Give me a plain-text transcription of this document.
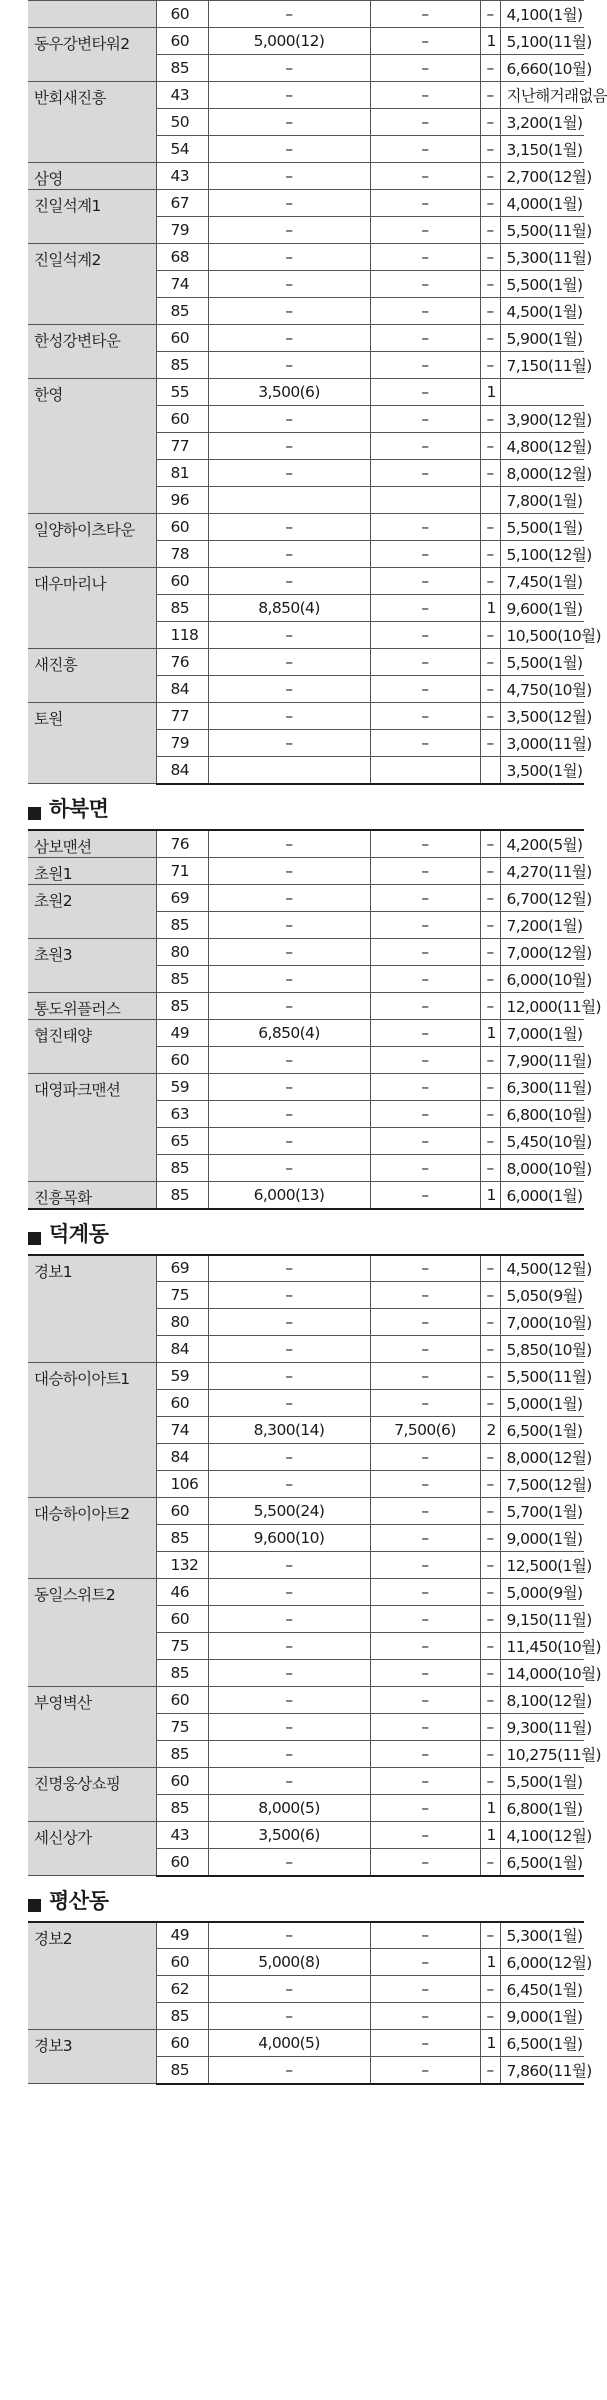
	60	–	–	–	4,100(1월)
동우강변타워2	60	5,000(12)	–	1	5,100(11월)
	85	–	–	–	6,660(10월)
반회새진흥	43	–	–	–	지난해거래없음
	50	–	–	–	3,200(1월)
	54	–	–	–	3,150(1월)
삼영	43	–	–	–	2,700(12월)
진일석계1	67	–	–	–	4,000(1월)
	79	–	–	–	5,500(11월)
진일석계2	68	–	–	–	5,300(11월)
	74	–	–	–	5,500(1월)
	85	–	–	–	4,500(1월)
한성강변타운	60	–	–	–	5,900(1월)
	85	–	–	–	7,150(11월)
한영	55	3,500(6)	–	1	
	60	–	–	–	3,900(12월)
	77	–	–	–	4,800(12월)
	81	–	–	–	8,000(12월)
	96				7,800(1월)
일양하이츠타운	60	–	–	–	5,500(1월)
	78	–	–	–	5,100(12월)
대우마리나	60	–	–	–	7,450(1월)
	85	8,850(4)	–	1	9,600(1월)
	118	–	–	–	10,500(10월)
새진흥	76	–	–	–	5,500(1월)
	84	–	–	–	4,750(10월)
토원	77	–	–	–	3,500(12월)
	79	–	–	–	3,000(11월)
	84				3,500(1월)
하북면
삼보맨션	76	–	–	–	4,200(5월)
초원1	71	–	–	–	4,270(11월)
초원2	69	–	–	–	6,700(12월)
	85	–	–	–	7,200(1월)
초원3	80	–	–	–	7,000(12월)
	85	–	–	–	6,000(10월)
통도위플러스	85	–	–	–	12,000(11월)
협진태양	49	6,850(4)	–	1	7,000(1월)
	60	–	–	–	7,900(11월)
대영파크맨션	59	–	–	–	6,300(11월)
	63	–	–	–	6,800(10월)
	65	–	–	–	5,450(10월)
	85	–	–	–	8,000(10월)
진흥목화	85	6,000(13)	–	1	6,000(1월)
덕계동
경보1	69	–	–	–	4,500(12월)
	75	–	–	–	5,050(9월)
	80	–	–	–	7,000(10월)
	84	–	–	–	5,850(10월)
대승하이아트1	59	–	–	–	5,500(11월)
	60	–	–	–	5,000(1월)
	74	8,300(14)	7,500(6)	2	6,500(1월)
	84	–	–	–	8,000(12월)
	106	–	–	–	7,500(12월)
대승하이아트2	60	5,500(24)	–	–	5,700(1월)
	85	9,600(10)	–	–	9,000(1월)
	132	–	–	–	12,500(1월)
동일스위트2	46	–	–	–	5,000(9월)
	60	–	–	–	9,150(11월)
	75	–	–	–	11,450(10월)
	85	–	–	–	14,000(10월)
부영벽산	60	–	–	–	8,100(12월)
	75	–	–	–	9,300(11월)
	85	–	–	–	10,275(11월)
진명웅상쇼핑	60	–	–	–	5,500(1월)
	85	8,000(5)	–	1	6,800(1월)
세신상가	43	3,500(6)	–	1	4,100(12월)
	60	–	–	–	6,500(1월)
평산동
경보2	49	–	–	–	5,300(1월)
	60	5,000(8)	–	1	6,000(12월)
	62	–	–	–	6,450(1월)
	85	–	–	–	9,000(1월)
경보3	60	4,000(5)	–	1	6,500(1월)
	85	–	–	–	7,860(11월)
